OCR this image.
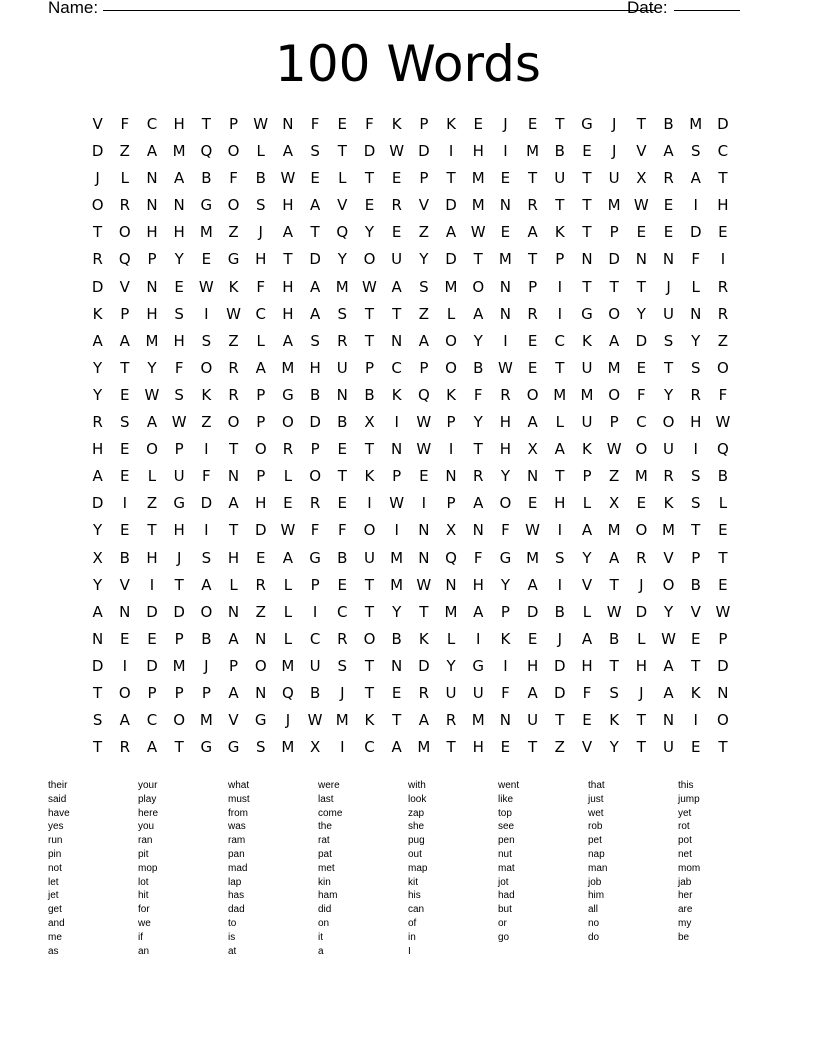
Name:	Date:
100 Words
V	F	C	H	T	P	W N	F	E	F	K	P	K	E	J	E	T	G	J	T	B	M D
D	Z	A	M Q	O	L	A	S	T	D W D	I	H	I	M	B	E	J	V	A	S	C
J	L	N	A	B	F	B W	E	L	T	E	P	T	M	E	T	U	T	U	X	R	A	T
O	R	N	N	G	O	S	H	A	V	E	R	V	D M	N	R	T	T	M W	E	I	H
T	O	H	H	M	Z	J	A	T	Q	Y	E	Z	A W	E	A	K	T	P	E	E	D	E
R	Q	P	Y	E	G	H	T	D	Y	O	U	Y	D	T	M	T	P	N	D	N	N	F	I
D	V	N	E	W K	F	H	A	M W A	S	M O	N	P	I	T	T	T	J	L	R
K	P	H	S	I	W C	H	A	S	T	T	Z	L	A	N	R	I	G	O	Y	U	N	R
A	A	M	H	S	Z	L	A	S	R	T	N	A	O	Y	I	E	C	K	A	D	S	Y	Z
Y	T	Y	F	O	R	A	M	H	U	P	C	P	O	B W	E	T	U	M	E	T	S	O
Y	E	W	S	K	R	P	G	B	N	B	K	Q	K	F	R	O M M O	F	Y	R	F
R	S	A W Z	O	P	O	D	B	X	I	W	P	Y	H	A	L	U	P	C	O	H W
H	E	O	P	I	T	O	R	P	E	T	N W	I	T	H	X	A	K W O	U	I	Q
A	E	L	U	F	N	P	L	O	T	K	P	E	N	R	Y	N	T	P	Z	M	R	S	B
D	I	Z	G	D	A	H	E	R	E	I	W	I	P	A	O	E	H	L	X	E	K	S	L
Y	E	T	H	I	T	D W	F	F	O	I	N	X	N	F	W	I	A	M O M	T	E
X	B	H	J	S	H	E	A	G	B	U	M	N	Q	F	G M	S	Y	A	R	V	P	T
Y	V	I	T	A	L	R	L	P	E	T	M W N	H	Y	A	I	V	T	J	O	B	E
A	N	D	D	O	N	Z	L	I	C	T	Y	T	M	A	P	D	B	L	W D	Y	V W
N	E	E	P	B	A	N	L	C	R	O	B	K	L	I	K	E	J	A	B	L	W	E	P
D	I	D M	J	P	O M	U	S	T	N	D	Y	G	I	H	D	H	T	H	A	T	D
T	O	P	P	P	A	N	Q	B	J	T	E	R	U	U	F	A	D	F	S	J	A	K	N
S	A	C	O M	V	G	J	W M	K	T	A	R	M	N	U	T	E	K	T	N	I	O
T	R	A	T	G	G	S	M	X	I	C	A	M	T	H	E	T	Z	V	Y	T	U	E	T
their	your	what	were	with	went	that	this
said	play	must	last	look	like	just	jump
have	here	from	come	zap	top	wet	yet
yes	you	was	the	she	see	rob	rot
run	ran	ram	rat	pug	pen	pet	pot
pin	pit	pan	pat	out	nut	nap	net
not	mop	mad	met	map	mat	man	mom
let	lot	lap	kin	kit	jot	job	jab
jet	hit	has	ham	his	had	him	her
get	for	dad	did	can	but	all	are
and	we	to	on	of	or	no	my
me	if	is	it	in	go	do	be
as	an	at	a	I
